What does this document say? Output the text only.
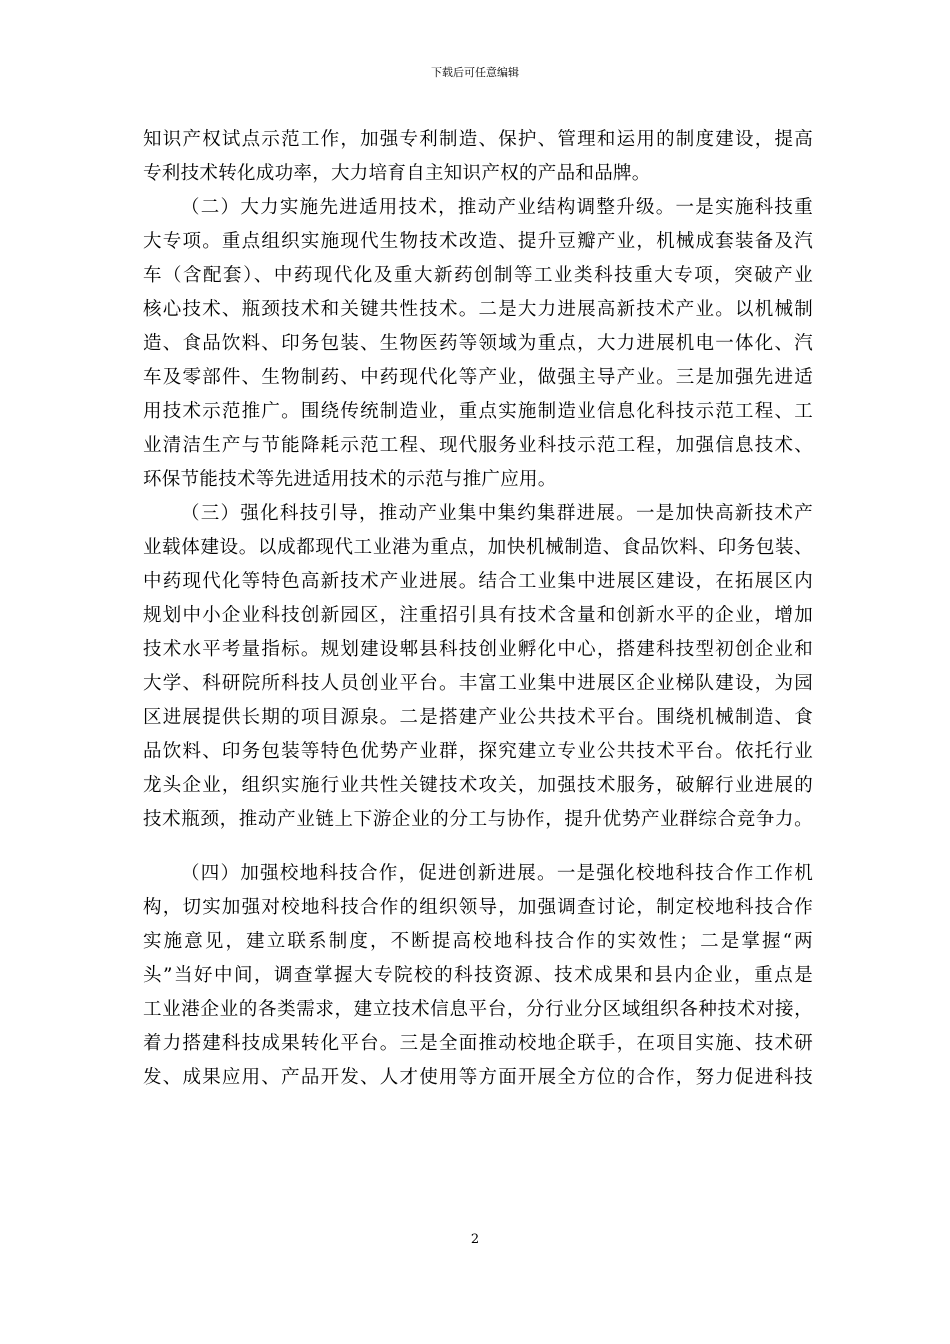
下载后可任意编辑
知识产权试点示范工作，加强专利制造、保护、管理和运用的制度建设，提高
专利技术转化成功率，大力培育自主知识产权的产品和品牌。
（二）大力实施先进适用技术，推动产业结构调整升级。一是实施科技重
大专项。重点组织实施现代生物技术改造、提升豆瓣产业，机械成套装备及汽
车（含配套）、中药现代化及重大新药创制等工业类科技重大专项，突破产业
核心技术、瓶颈技术和关键共性技术。二是大力进展高新技术产业。以机械制
造、食品饮料、印务包装、生物医药等领域为重点，大力进展机电一体化、汽
车及零部件、生物制药、中药现代化等产业，做强主导产业。三是加强先进适
用技术示范推广。围绕传统制造业，重点实施制造业信息化科技示范工程、工
业清洁生产与节能降耗示范工程、现代服务业科技示范工程，加强信息技术、
环保节能技术等先进适用技术的示范与推广应用。
（三）强化科技引导，推动产业集中集约集群进展。一是加快高新技术产
业载体建设。以成都现代工业港为重点，加快机械制造、食品饮料、印务包装、
中药现代化等特色高新技术产业进展。结合工业集中进展区建设，在拓展区内
规划中小企业科技创新园区，注重招引具有技术含量和创新水平的企业，增加
技术水平考量指标。规划建设郫县科技创业孵化中心，搭建科技型初创企业和
大学、科研院所科技人员创业平台。丰富工业集中进展区企业梯队建设，为园
区进展提供长期的项目源泉。二是搭建产业公共技术平台。围绕机械制造、食
品饮料、印务包装等特色优势产业群，探究建立专业公共技术平台。依托行业
龙头企业，组织实施行业共性关键技术攻关，加强技术服务，破解行业进展的
技术瓶颈，推动产业链上下游企业的分工与协作，提升优势产业群综合竞争力。
（四）加强校地科技合作，促进创新进展。一是强化校地科技合作工作机
构，切实加强对校地科技合作的组织领导，加强调查讨论，制定校地科技合作
实施意见，建立联系制度，不断提高校地科技合作的实效性；二是掌握“两
头”当好中间，调查掌握大专院校的科技资源、技术成果和县内企业，重点是
工业港企业的各类需求，建立技术信息平台，分行业分区域组织各种技术对接，
着力搭建科技成果转化平台。三是全面推动校地企联手，在项目实施、技术研
发、成果应用、产品开发、人才使用等方面开展全方位的合作，努力促进科技
2
